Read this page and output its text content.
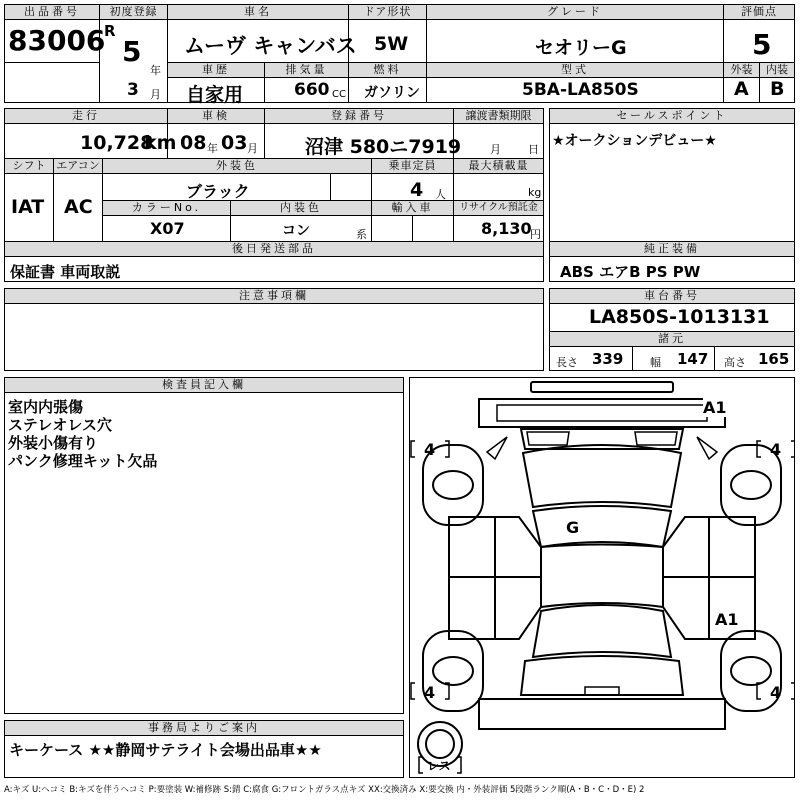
出品番号
83006
初度登録
R
5
年
3 月
車名
ムーヴ キャンバス
ドア形状
5W
グレード
セオリーG
評価点
5
車歴
自家用
排気量
660 CC
燃料
ガソリン
型式
5BA-LA850S
外装	内装
A B
走行
10,728
km
車検
08 年 03 月
登録番号
沼津 580ニ7919
譲渡書類期限
月 日
シフト
IAT
エアコン
AC
外装色
ブラック
乗車定員
4 人
最大積載量
kg
カラーNo.
X07
内装色
コン	系
輸入車	リサイクル預託金
8,130
円
後日発送部品
保証書 車両取説
セールスポイント
★オークションデビュー★
純正装備
ABS エアB PS PW
注意事項欄	車台番号
LA850S-1013131
諸元
長さ 339 幅 147 高さ 165
検査員記入欄
室内内張傷
ステレオレス穴
外装小傷有り
パンク修理キット欠品
A1
G
A1
4	4
4	4
レス
事務局よりご案内
キーケース ★★静岡サテライト会場出品車★★
A:キズ U:ヘコミ B:キズを伴うヘコミ P:要塗装 W:補修跡 S:錆 C:腐食 G:フロントガラス点キズ XX:交換済み X:要交換 内・外装評価 5段階ランク順(A・B・C・D・E) 2
